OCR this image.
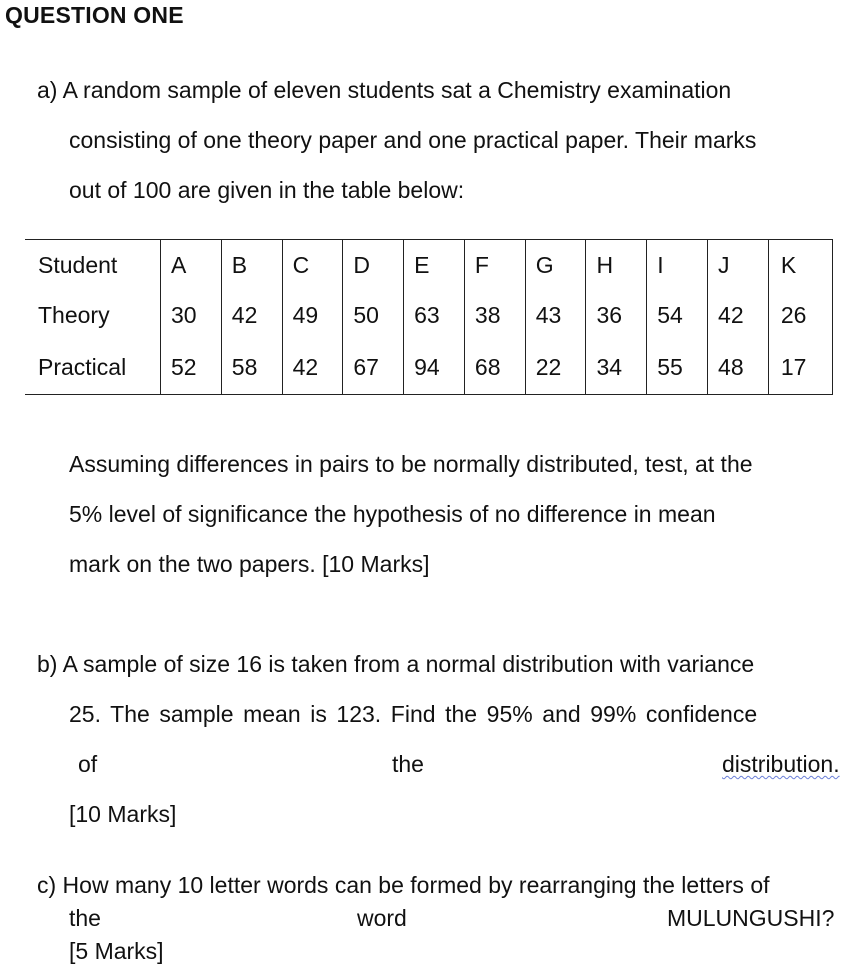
QUESTION ONE
a) A random sample of eleven students sat a Chemistry examination
consisting of one theory paper and one practical paper. Their marks
out of 100 are given in the table below:
Student	A	B	C	D	E	F	G	H	I	J	K
Theory	30	42	49	50	63	38	43	36	54	42	26
Practical	52	58	42	67	94	68	22	34	55	48	17
Assuming differences in pairs to be normally distributed, test, at the
5% level of significance the hypothesis of no difference in mean
mark on the two papers. [10 Marks]
b) A sample of size 16 is taken from a normal distribution with variance
25. The sample mean is 123. Find the 95% and 99% confidence
of	the	distribution.
[10 Marks]
c) How many 10 letter words can be formed by rearranging the letters of
the	word	MULUNGUSHI?
[5 Marks]
